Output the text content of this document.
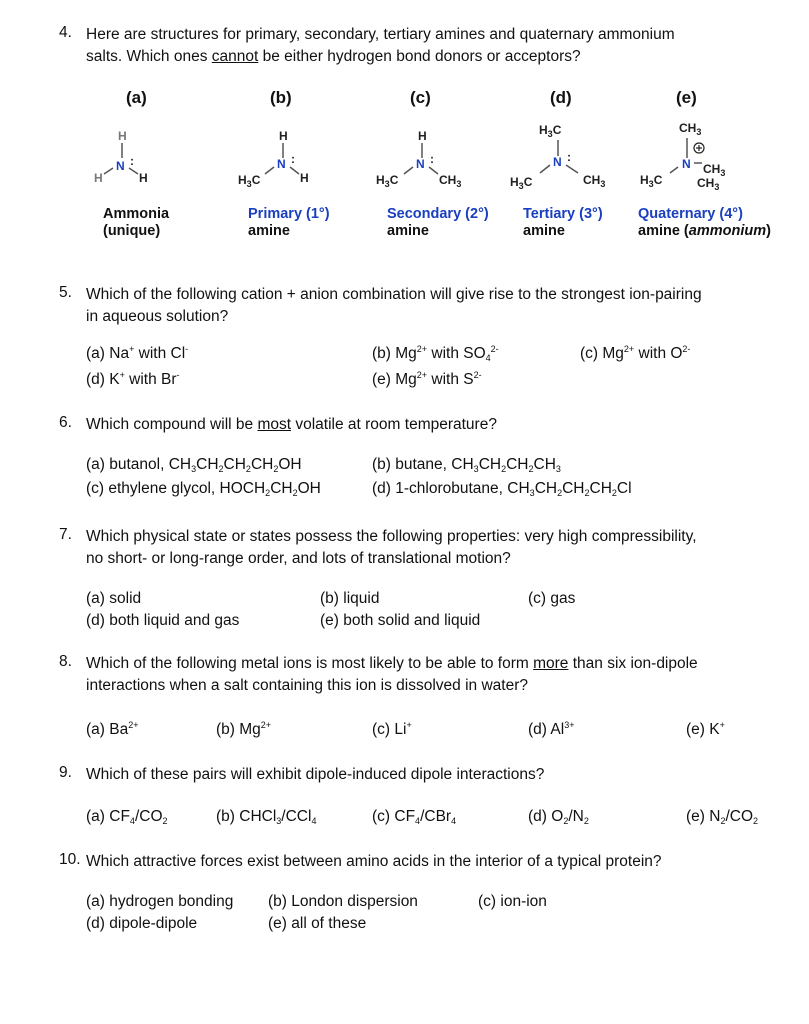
4. Here are structures for primary, secondary, tertiary amines and quaternary ammonium
salts. Which ones cannot be either hydrogen bond donors or acceptors?
(a)	(b)	(c)	(d)	(e)
H
N :
H	H
H
N :
$H_3C$	H
H
N :
$H_3C$	$CH_3$
$H_3C$
N :
$H_3C$	$CH_3$
$CH_3$
N
$H_3C$
$CH_3$
$CH_3$
Ammonia
(unique)
Primary (1°)
amine
Secondary (2°)
amine
Tertiary (3°)
amine
Quaternary (4°)
amine (ammonium)
5. Which of the following cation + anion combination will give rise to the strongest ion-pairing
in aqueous solution?
(a) Na+ with Cl-	(b) $Mg^{2+}$ with $SO_4^{2-}$	(c) $Mg^{2+}$ with $O^{2-}$
(d) K+ with Br-	(e) $Mg^{2+}$ with $S^{2-}$
6. Which compound will be most volatile at room temperature?
(a) butanol, $CH_3CH_2CH_2CH_2OH$	(b) butane, $CH_3CH_2CH_2CH_3$
(c) ethylene glycol, $HOCH_2CH_2OH$	(d) 1-chlorobutane, $CH_3CH_2CH_2CH_2Cl$
7. Which physical state or states possess the following properties: very high compressibility,
no short- or long-range order, and lots of translational motion?
(a) solid	(b) liquid	(c) gas
(d) both liquid and gas	(e) both solid and liquid
8. Which of the following metal ions is most likely to be able to form more than six ion-dipole
interactions when a salt containing this ion is dissolved in water?
(a) $Ba^{2+}$	(b) $Mg^{2+}$	(c) Li+	(d) $Al^{3+}$	(e) K+
9. Which of these pairs will exhibit dipole-induced dipole interactions?
(a) $CF_4/CO_2$	(b) CHCl$_3$/CCl$_4$	(c) $CF_4/CBr_4$	(d) $O_2/N_2$	(e) $N_2/CO_2$
10. Which attractive forces exist between amino acids in the interior of a typical protein?
(a) hydrogen bonding (b) London dispersion	(c) ion-ion
(d) dipole-dipole	(e) all of these
